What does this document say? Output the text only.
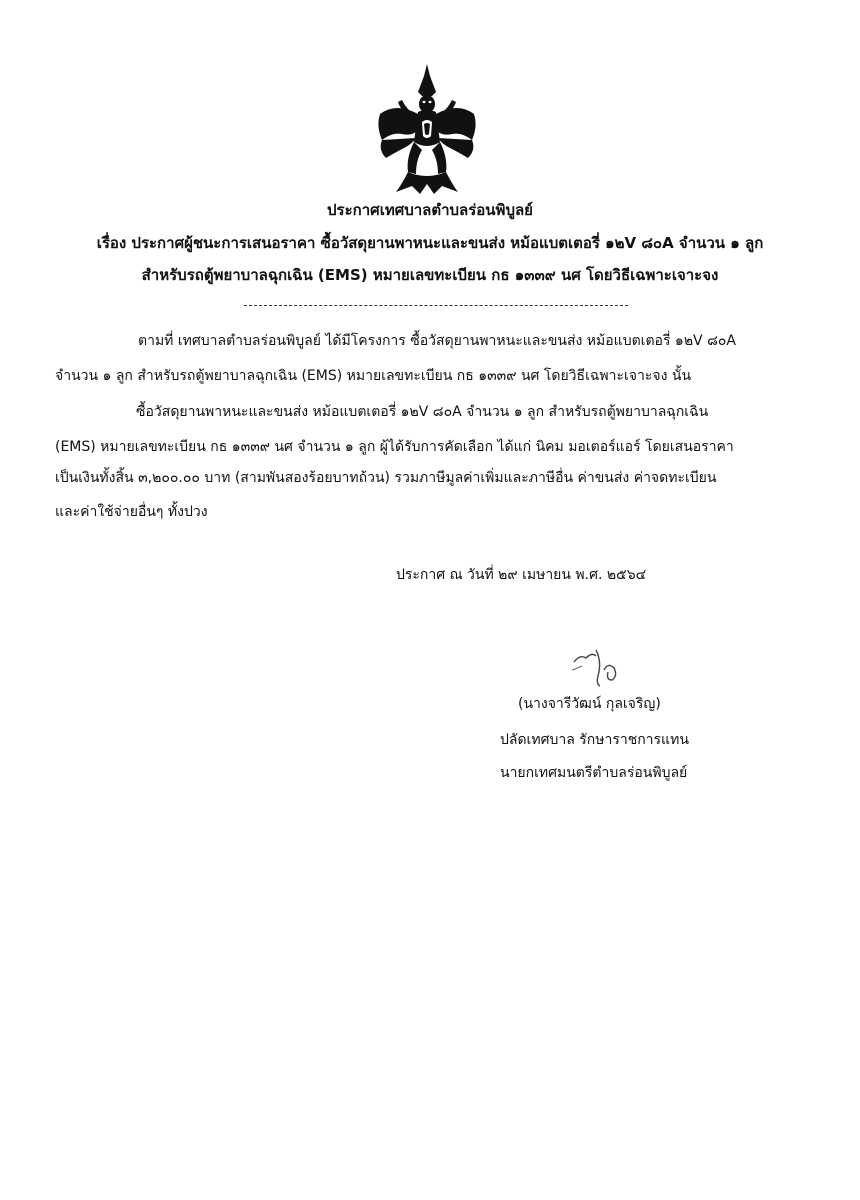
ประกาศเทศบาลตำบลร่อนพิบูลย์
เรื่อง ประกาศผู้ชนะการเสนอราคา ซื้อวัสดุยานพาหนะและขนส่ง หม้อแบตเตอรี่ ๑๒V ๘๐A จำนวน ๑ ลูก
สำหรับรถตู้พยาบาลฉุกเฉิน (EMS) หมายเลขทะเบียน กธ ๑๓๓๙ นศ โดยวิธีเฉพาะเจาะจง
ตามที่ เทศบาลตำบลร่อนพิบูลย์ ได้มีโครงการ ซื้อวัสดุยานพาหนะและขนส่ง หม้อแบตเตอรี่ ๑๒V ๘๐A
จำนวน ๑ ลูก สำหรับรถตู้พยาบาลฉุกเฉิน (EMS) หมายเลขทะเบียน กธ ๑๓๓๙ นศ โดยวิธีเฉพาะเจาะจง นั้น
ซื้อวัสดุยานพาหนะและขนส่ง หม้อแบตเตอรี่ ๑๒V ๘๐A จำนวน ๑ ลูก สำหรับรถตู้พยาบาลฉุกเฉิน
(EMS) หมายเลขทะเบียน กธ ๑๓๓๙ นศ จำนวน ๑ ลูก ผู้ได้รับการคัดเลือก ได้แก่ นิคม มอเตอร์แอร์ โดยเสนอราคา
เป็นเงินทั้งสิ้น ๓,๒๐๐.๐๐ บาท (สามพันสองร้อยบาทถ้วน) รวมภาษีมูลค่าเพิ่มและภาษีอื่น ค่าขนส่ง ค่าจดทะเบียน
และค่าใช้จ่ายอื่นๆ ทั้งปวง
ประกาศ ณ วันที่ ๒๙ เมษายน พ.ศ. ๒๕๖๔
(นางจารีวัฒน์ กุลเจริญ)
ปลัดเทศบาล รักษาราชการแทน
นายกเทศมนตรีตำบลร่อนพิบูลย์
